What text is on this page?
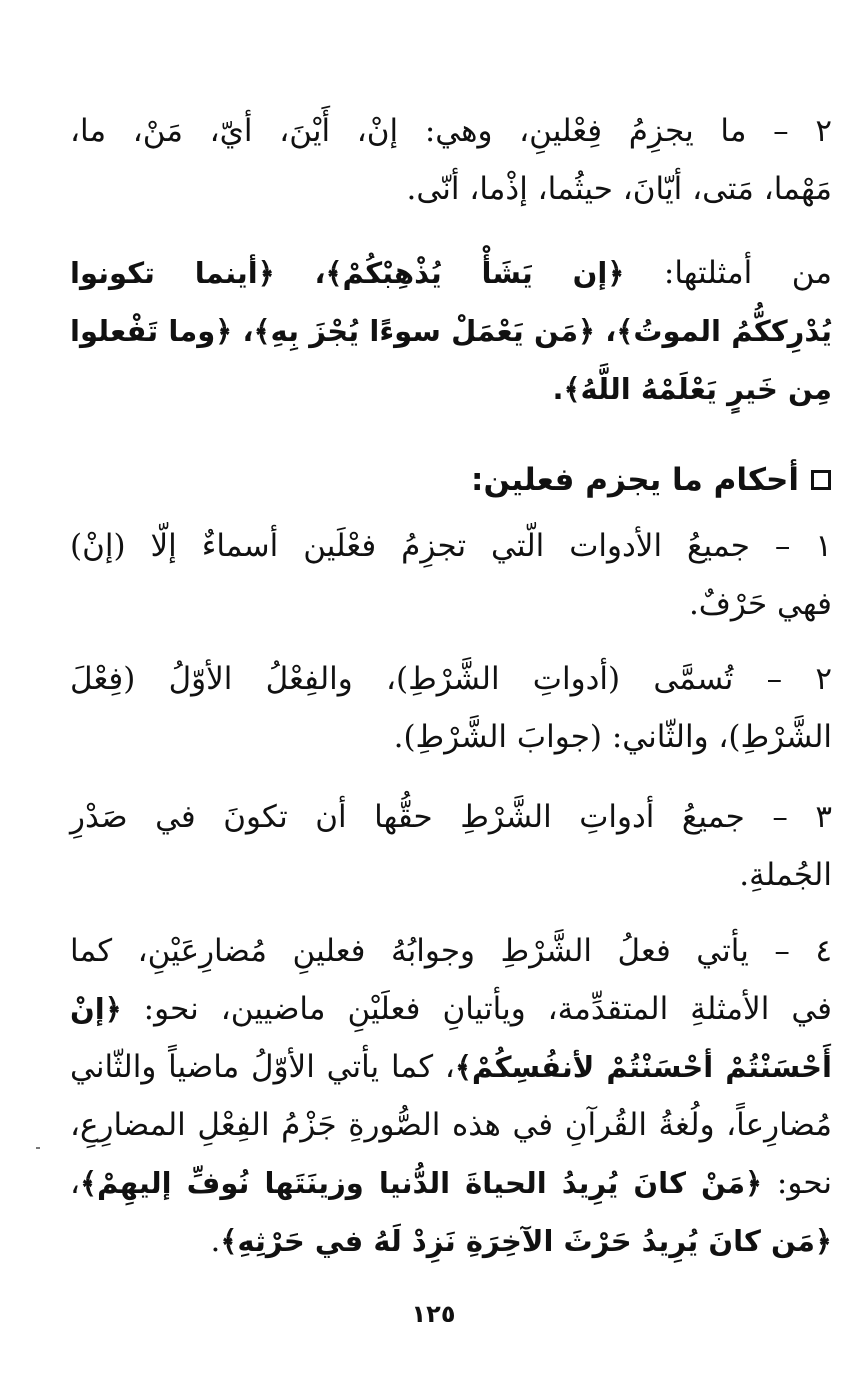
٢ – ما يجزِمُ فِعْلينِ، وهي: إنْ، أَيْنَ، أيّ، مَنْ، ما،
مَهْما، مَتى، أيّانَ، حيثُما، إذْما، أنّى.
من أمثلتها: ﴿إن يَشَأْ يُذْهِبْكُمْ﴾، ﴿أينما تكونوا
يُدْرِككُّمُ الموتُ﴾، ﴿مَن يَعْمَلْ سوءًا يُجْزَ بِهِ﴾، ﴿وما تَفْعلوا
مِن خَيرٍ يَعْلَمْهُ اللَّهُ﴾.
أحكام ما يجزم فعلين:
١ – جميعُ الأدوات الّتي تجزِمُ فعْلَين أسماءٌ إلّا (إنْ)
فهي حَرْفٌ.
٢ – تُسمَّى (أدواتِ الشَّرْطِ)، والفِعْلُ الأوّلُ (فِعْلَ
الشَّرْطِ)، والثّاني: (جوابَ الشَّرْطِ).
٣ – جميعُ أدواتِ الشَّرْطِ حقُّها أن تكونَ في صَدْرِ
الجُملةِ.
٤ – يأتي فعلُ الشَّرْطِ وجوابُهُ فعلينِ مُضارِعَيْنِ، كما
في الأمثلةِ المتقدِّمة، ويأتيانِ فعلَيْنِ ماضيين، نحو: ﴿إنْ
أَحْسَنْتُمْ أحْسَنْتُمْ لأنفُسِكُمْ﴾، كما يأتي الأوّلُ ماضياً والثّاني
مُضارِعاً، ولُغةُ القُرآنِ في هذه الصُّورةِ جَزْمُ الفِعْلِ المضارِعِ،
نحو: ﴿مَنْ كانَ يُرِيدُ الحياةَ الدُّنيا وزينَتَها نُوفِّ إليهِمْ﴾،
﴿مَن كانَ يُرِيدُ حَرْثَ الآخِرَةِ نَزِدْ لَهُ في حَرْثِهِ﴾.
١٢٥
